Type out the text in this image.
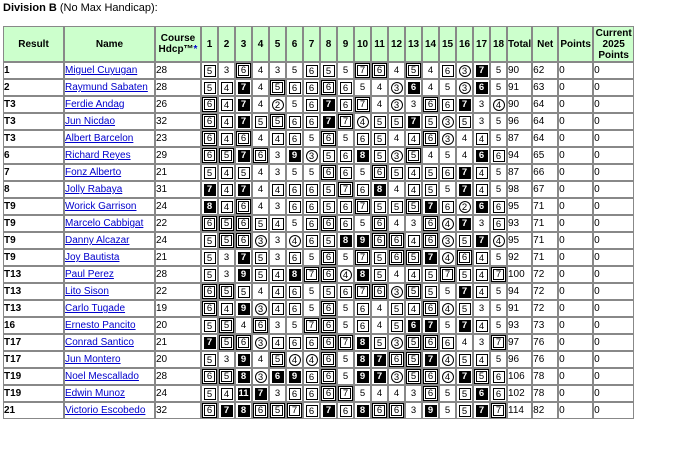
Division B (No Max Handicap):
Result	Name	Course Hdcp™*	1	2	3	4	5	6	7	8	9	10	11	12	13	14	15	16	17	18	Total	Net	Points	Current 2025 Points
1	Miguel Cuyugan	28	5	3	6	4	3	5	6	5	5	7	6	4	5	4	6	3	7	5	90	62	0	0
2	Raymund Sabaten	28	5	4	7	4	5	6	6	6	6	5	4	3	6	4	5	3	6	5	91	63	0	0
T3	Ferdie Andag	26	6	4	7	4	2	5	6	7	6	7	4	3	3	6	6	7	3	4	90	64	0	0
T3	Jun Nicdao	32	6	4	7	5	5	6	6	7	7	4	5	5	7	5	3	5	3	5	96	64	0	0
T3	Albert Barcelon	23	6	4	6	4	4	6	5	6	5	6	5	4	4	6	3	4	4	5	87	64	0	0
6	Richard Reyes	29	6	5	7	6	3	9	3	5	6	8	5	3	5	4	5	4	6	6	94	65	0	0
7	Fonz Alberto	21	5	4	5	4	3	5	5	6	6	5	6	5	4	5	6	7	4	5	87	66	0	0
8	Jolly Rabaya	31	7	4	7	4	4	6	6	5	7	6	8	4	4	5	5	7	4	5	98	67	0	0
T9	Worick Garrison	24	8	4	6	4	3	6	6	5	6	7	5	5	5	7	6	2	6	6	95	71	0	0
T9	Marcelo Cabbigat	22	6	5	6	5	4	5	6	6	6	5	6	4	3	6	4	7	3	6	93	71	0	0
T9	Danny Alcazar	24	5	5	6	3	3	4	6	5	8	9	6	6	4	6	3	5	7	4	95	71	0	0
T9	Joy Bautista	21	5	3	7	5	3	6	5	6	5	7	5	6	5	7	4	6	4	5	92	71	0	0
T13	Paul Perez	28	5	3	9	5	4	8	7	6	4	8	5	4	4	5	7	5	4	7	100	72	0	0
T13	Lito Sison	22	6	5	5	4	4	6	5	5	6	7	6	3	5	5	5	7	4	5	94	72	0	0
T13	Carlo Tugade	19	6	4	9	3	4	6	5	6	5	6	4	5	4	6	4	5	3	5	91	72	0	0
16	Ernesto Pancito	20	5	5	4	6	3	5	7	6	5	6	4	5	6	7	5	7	4	5	93	73	0	0
T17	Conrad Santico	21	7	5	6	3	4	6	6	6	7	8	5	3	5	6	6	4	3	7	97	76	0	0
T17	Jun Montero	20	5	3	9	4	5	4	4	6	5	8	7	6	5	7	4	5	4	5	96	76	0	0
T19	Noel Mescallado	28	6	5	8	3	6	9	6	6	5	9	7	3	5	6	4	7	5	6	106	78	0	0
T19	Edwin Munoz	24	5	4	11	7	3	6	6	6	7	5	4	4	3	6	5	5	6	6	102	78	0	0
21	Victorio Escobedo	32	6	7	8	6	5	7	6	7	6	8	6	6	3	9	5	5	7	7	114	82	0	0
